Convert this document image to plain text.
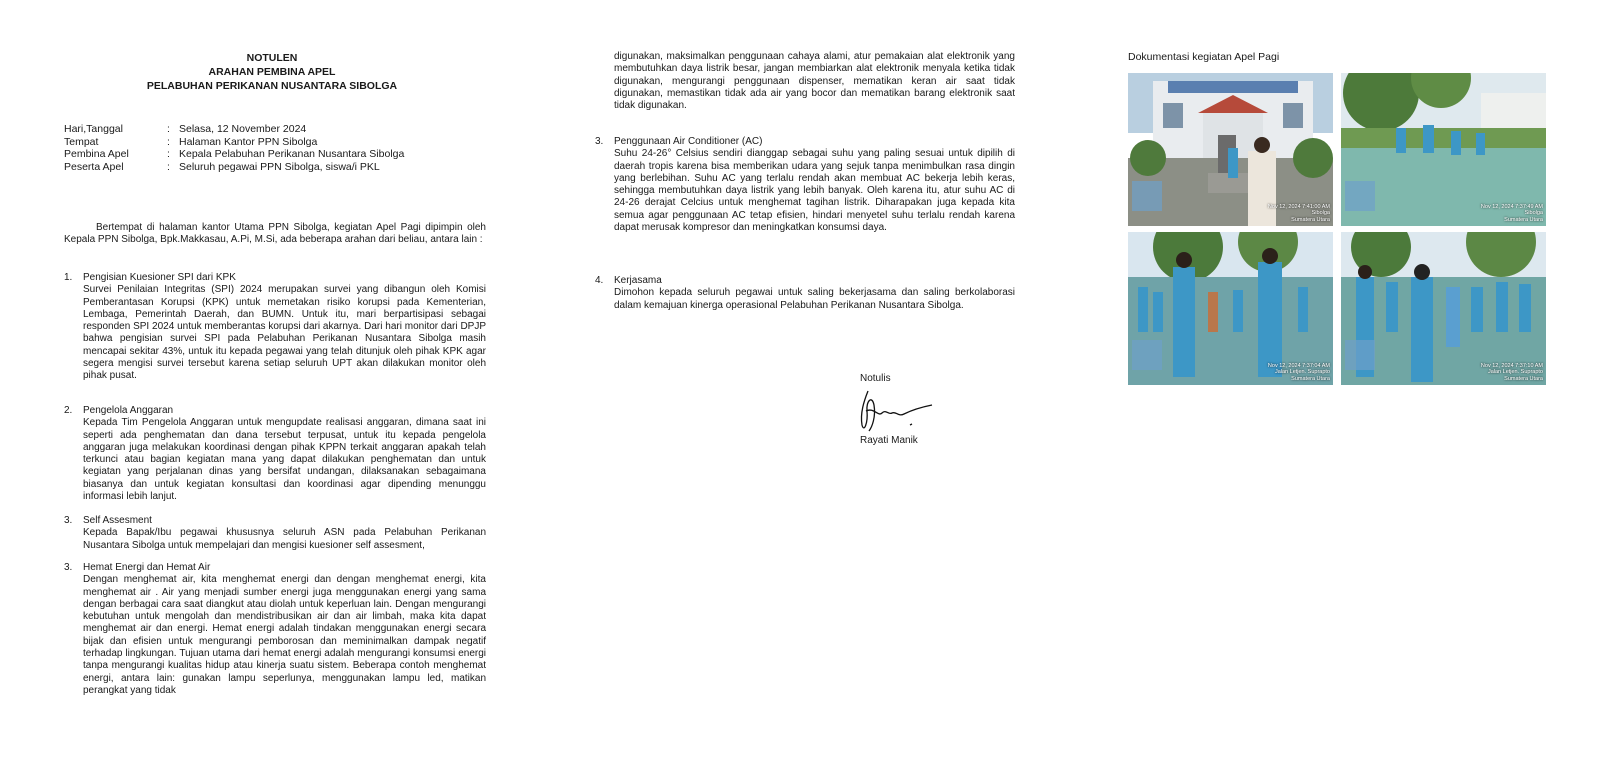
NOTULEN
ARAHAN PEMBINA APEL
PELABUHAN PERIKANAN NUSANTARA SIBOLGA
Hari,Tanggal	: Selasa, 12 November 2024
Tempat	: Halaman Kantor PPN Sibolga
Pembina Apel	: Kepala Pelabuhan Perikanan Nusantara Sibolga
Peserta Apel	: Seluruh pegawai PPN Sibolga, siswa/i PKL
Bertempat di halaman kantor Utama PPN Sibolga, kegiatan Apel Pagi dipimpin oleh Kepala PPN Sibolga, Bpk.Makkasau, A.Pi, M.Si, ada beberapa arahan dari beliau, antara lain :
1.	Pengisian Kuesioner SPI dari KPK
Survei Penilaian Integritas (SPI) 2024 merupakan survei yang dibangun oleh Komisi Pemberantasan Korupsi (KPK) untuk memetakan risiko korupsi pada Kementerian, Lembaga, Pemerintah Daerah, dan BUMN. Untuk itu, mari berpartisipasi sebagai responden SPI 2024 untuk memberantas korupsi dari akarnya. Dari hari monitor dari DPJP bahwa pengisian survei SPI pada Pelabuhan Perikanan Nusantara Sibolga masih mencapai sekitar 43%, untuk itu kepada pegawai yang telah ditunjuk oleh pihak KPK agar segera mengisi survei tersebut karena setiap seluruh UPT akan dilakukan monitor oleh pihak pusat.
2.	Pengelola Anggaran
Kepada Tim Pengelola Anggaran untuk mengupdate realisasi anggaran, dimana saat ini seperti ada penghematan dan dana tersebut terpusat, untuk itu kepada pengelola anggaran juga melakukan koordinasi dengan pihak KPPN terkait anggaran apakah telah terkunci atau bagian kegiatan mana yang dapat dilakukan penghematan dan untuk kegiatan yang perjalanan dinas yang bersifat undangan, dilaksanakan sebagaimana biasanya dan untuk kegiatan konsultasi dan koordinasi agar dipending menunggu informasi lebih lanjut.
3.	Self Assesment
Kepada Bapak/Ibu pegawai khususnya seluruh ASN pada Pelabuhan Perikanan Nusantara Sibolga untuk mempelajari dan mengisi kuesioner self assesment,
3.	Hemat Energi dan Hemat Air
Dengan menghemat air, kita menghemat energi dan dengan menghemat energi, kita menghemat air . Air yang menjadi sumber energi juga menggunakan energi yang sama dengan berbagai cara saat diangkut atau diolah untuk keperluan lain. Dengan mengurangi kebutuhan untuk mengolah dan mendistribusikan air dan air limbah, maka kita dapat menghemat air dan energi. Hemat energi adalah tindakan menggunakan energi secara bijak dan efisien untuk mengurangi pemborosan dan meminimalkan dampak negatif terhadap lingkungan. Tujuan utama dari hemat energi adalah mengurangi konsumsi energi tanpa mengurangi kualitas hidup atau kinerja suatu sistem. Beberapa contoh menghemat energi, antara lain: gunakan lampu seperlunya, menggunakan lampu led, matikan perangkat yang tidak
digunakan, maksimalkan penggunaan cahaya alami, atur pemakaian alat elektronik yang membutuhkan daya listrik besar, jangan membiarkan alat elektronik menyala ketika tidak digunakan, mengurangi penggunaan dispenser, mematikan keran air saat tidak digunakan, memastikan tidak ada air yang bocor dan mematikan barang elektronik saat tidak digunakan.
3.	Penggunaan Air Conditioner (AC)
Suhu 24-26° Celsius sendiri dianggap sebagai suhu yang paling sesuai untuk dipilih di daerah tropis karena bisa memberikan udara yang sejuk tanpa menimbulkan rasa dingin yang berlebihan. Suhu AC yang terlalu rendah akan membuat AC bekerja lebih keras, sehingga membutuhkan daya listrik yang lebih banyak. Oleh karena itu, atur suhu AC di 24-26 derajat Celcius untuk menghemat tagihan listrik. Diharapakan juga kepada kita semua agar penggunaan AC tetap efisien, hindari menyetel suhu terlalu rendah karena dapat merusak kompresor dan meningkatkan konsumsi daya.
4.	Kerjasama
Dimohon kepada seluruh pegawai untuk saling bekerjasama dan saling berkolaborasi dalam kemajuan kinerga operasional Pelabuhan Perikanan Nusantara Sibolga.
Notulis
Rayati Manik
Dokumentasi kegiatan Apel Pagi
Nov 12, 2024 7:41:00 AM
Sibolga
Sumatera Utara
Nov 12, 2024 7:37:49 AM
Sibolga
Sumatera Utara
Nov 12, 2024 7:37:04 AM
Jalan Letjen. Suprapto
Sumatera Utara
Nov 12, 2024 7:37:10 AM
Jalan Letjen. Suprapto
Sumatera Utara
